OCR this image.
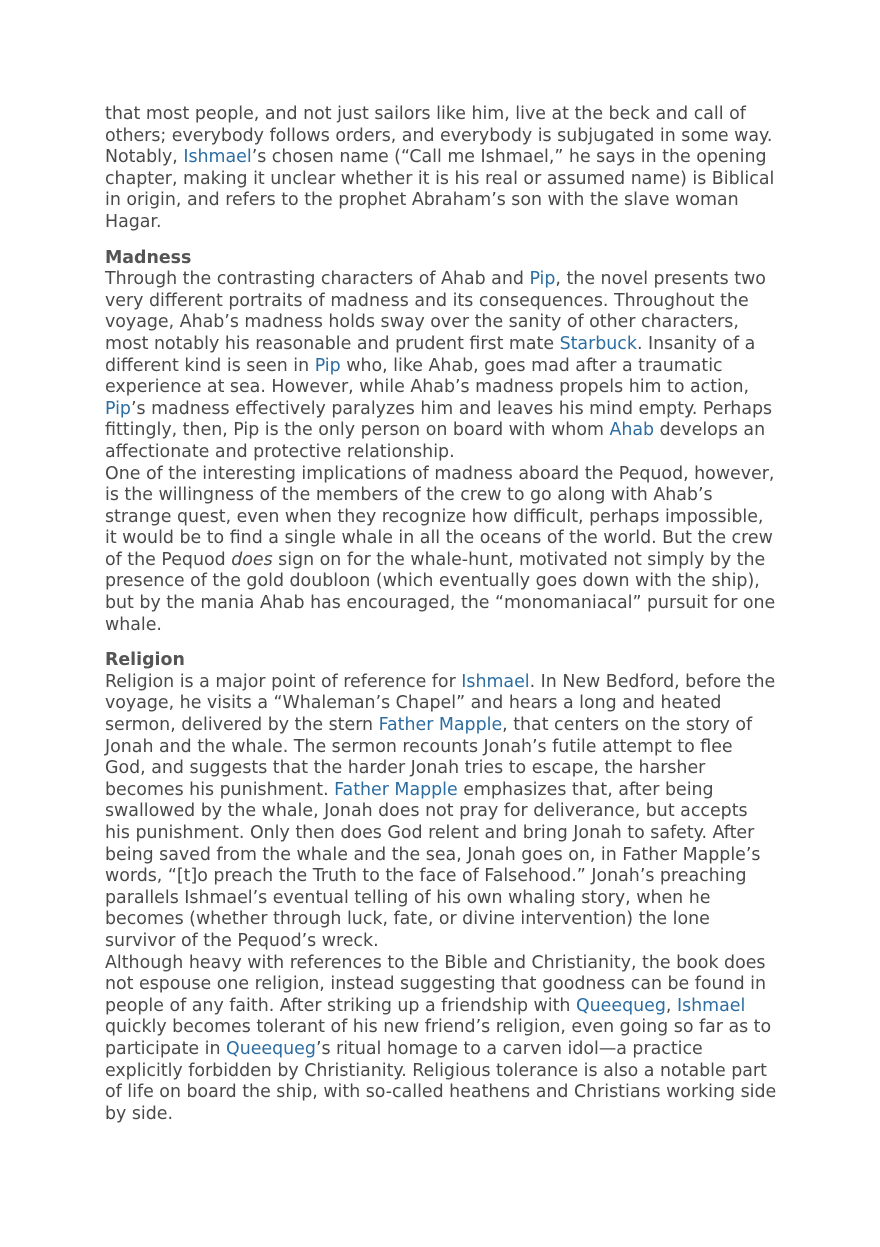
that most people, and not just sailors like him, live at the beck and call of others; everybody follows orders, and everybody is subjugated in some way. Notably, Ishmael’s chosen name (“Call me Ishmael,” he says in the opening chapter, making it unclear whether it is his real or assumed name) is Biblical in origin, and refers to the prophet Abraham’s son with the slave woman Hagar.

Madness

Through the contrasting characters of Ahab and Pip, the novel presents two very different portraits of madness and its consequences. Throughout the voyage, Ahab’s madness holds sway over the sanity of other characters, most notably his reasonable and prudent first mate Starbuck. Insanity of a different kind is seen in Pip who, like Ahab, goes mad after a traumatic experience at sea. However, while Ahab’s madness propels him to action, Pip’s madness effectively paralyzes him and leaves his mind empty. Perhaps fittingly, then, Pip is the only person on board with whom Ahab develops an affectionate and protective relationship.

One of the interesting implications of madness aboard the Pequod, however, is the willingness of the members of the crew to go along with Ahab’s strange quest, even when they recognize how difficult, perhaps impossible, it would be to find a single whale in all the oceans of the world. But the crew of the Pequod does sign on for the whale-hunt, motivated not simply by the presence of the gold doubloon (which eventually goes down with the ship), but by the mania Ahab has encouraged, the “monomaniacal” pursuit for one whale.

Religion

Religion is a major point of reference for Ishmael. In New Bedford, before the voyage, he visits a “Whaleman’s Chapel” and hears a long and heated sermon, delivered by the stern Father Mapple, that centers on the story of Jonah and the whale. The sermon recounts Jonah’s futile attempt to flee God, and suggests that the harder Jonah tries to escape, the harsher becomes his punishment. Father Mapple emphasizes that, after being swallowed by the whale, Jonah does not pray for deliverance, but accepts his punishment. Only then does God relent and bring Jonah to safety. After being saved from the whale and the sea, Jonah goes on, in Father Mapple’s words, “[t]o preach the Truth to the face of Falsehood.” Jonah’s preaching parallels Ishmael’s eventual telling of his own whaling story, when he becomes (whether through luck, fate, or divine intervention) the lone survivor of the Pequod’s wreck.

Although heavy with references to the Bible and Christianity, the book does not espouse one religion, instead suggesting that goodness can be found in people of any faith. After striking up a friendship with Queequeg, Ishmael quickly becomes tolerant of his new friend’s religion, even going so far as to participate in Queequeg’s ritual homage to a carven idol—a practice explicitly forbidden by Christianity. Religious tolerance is also a notable part of life on board the ship, with so-called heathens and Christians working side by side.
